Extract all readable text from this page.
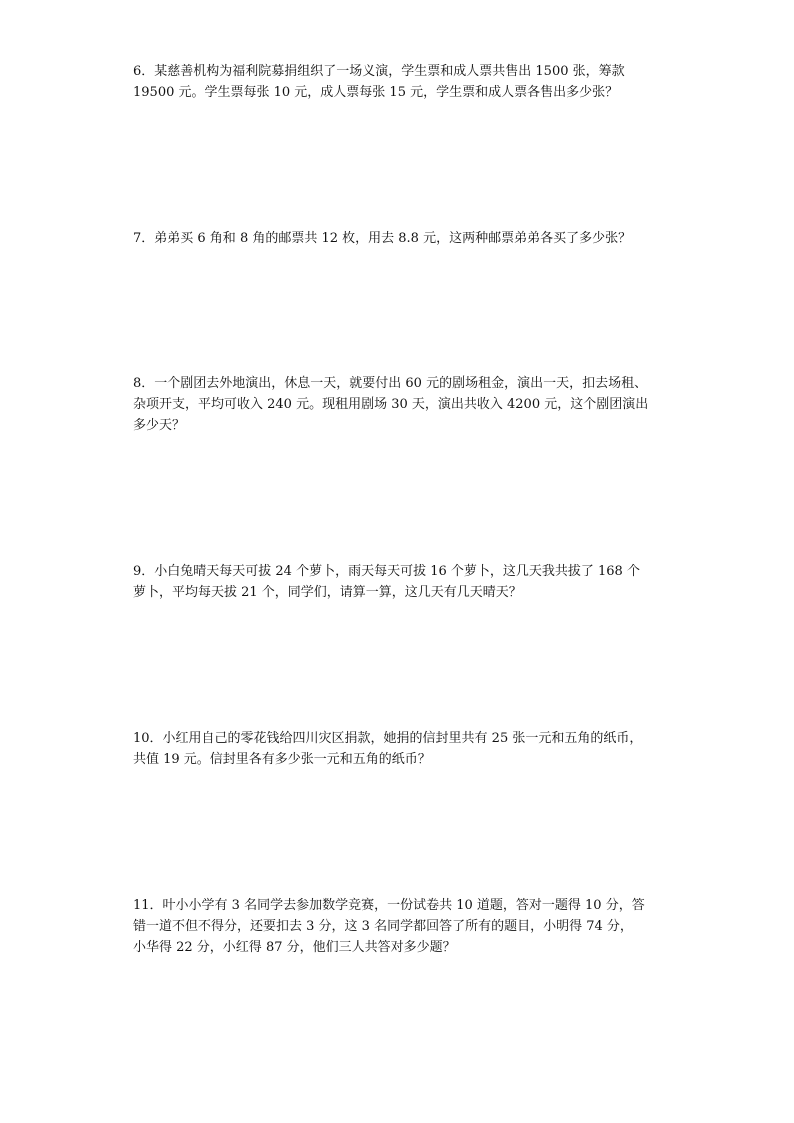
6．某慈善机构为福利院募捐组织了一场义演，学生票和成人票共售出 1500 张，筹款

19500 元。学生票每张 10 元，成人票每张 15 元，学生票和成人票各售出多少张？

7．弟弟买 6 角和 8 角的邮票共 12 枚，用去 8.8 元，这两种邮票弟弟各买了多少张？

8．一个剧团去外地演出，休息一天，就要付出 60 元的剧场租金，演出一天，扣去场租、

杂项开支，平均可收入 240 元。现租用剧场 30 天，演出共收入 4200 元，这个剧团演出

多少天？

9．小白兔晴天每天可拔 24 个萝卜，雨天每天可拔 16 个萝卜，这几天我共拔了 168 个

萝卜，平均每天拔 21 个，同学们，请算一算，这几天有几天晴天？

10．小红用自己的零花钱给四川灾区捐款，她捐的信封里共有 25 张一元和五角的纸币，

共值 19 元。信封里各有多少张一元和五角的纸币？

11．叶小小学有 3 名同学去参加数学竞赛，一份试卷共 10 道题，答对一题得 10 分，答

错一道不但不得分，还要扣去 3 分，这 3 名同学都回答了所有的题目，小明得 74 分，

小华得 22 分，小红得 87 分，他们三人共答对多少题？
